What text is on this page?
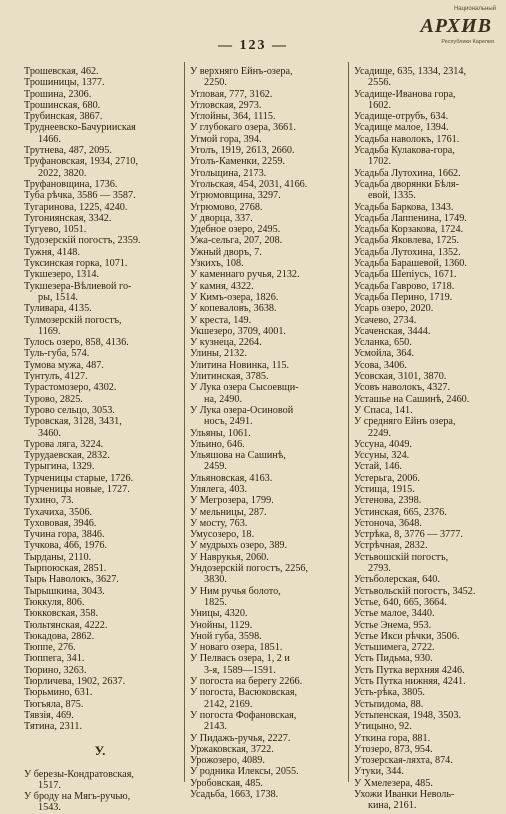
— 123 —
Национальный
АРХИВ
Республики Карелия
Трошевская, 462.
Трошиницы, 1377.
Трошина, 2306.
Трошинская, 680.
Трубинская, 3867.
Труднеевско-Бачурииская
1466.
Трутнева, 487, 2095.
Труфановская, 1934, 2710,
2022, 3820.
Труфановщина, 1736.
Туба рѣчка, 3586 — 3587.
Тугариновa, 1225, 4240.
Тугониянская, 3342.
Тугуево, 1051.
Тудозерскій погостъ, 2359.
Тужня, 4148.
Туксинская горка, 1071.
Тукшезеро, 1314.
Тукшезера-Вѣлиевой го-
ры, 1514.
Туливара, 4135.
Тулмозерскій погостъ,
1169.
Тулось озеро, 858, 4136.
Туль-губа, 574.
Тумова мужа, 487.
Тунтулъ, 4127.
Турастомозеро, 4302.
Турово, 2825.
Турово сельцо, 3053.
Туровская, 3128, 3431,
3460.
Турова ляга, 3224.
Турудаевская, 2832.
Турыгина, 1329.
Турченицы старые, 1726.
Турченицы новые, 1727.
Тухино, 73.
Тухачиха, 3506.
Тухововая, 3946.
Тучина гора, 3846.
Тучкова, 466, 1976.
Тырданы, 2110.
Тырпоюская, 2851.
Тырь Наволокъ, 3627.
Тырышкина, 3043.
Тюккуля, 806.
Тюкковская, 358.
Тюльтянская, 4222.
Тюкадова, 2862.
Тюппе, 276.
Тюппега, 341.
Тюрино, 3263.
Тюрличева, 1902, 2637.
Тюрьмино, 631.
Тюгьяла, 875.
Тявзія, 469.
Тятина, 2311.
У.
У березы-Кондратовская,
1517.
У броду на Мягь-ручью,
1543.
У верхняго Ейнъ-озера,
2250.
Угловая, 777, 3162.
Угловская, 2973.
Углойны, 364, 1115.
У глубокаго озера, 3661.
Угмой гора, 394.
Уголъ, 1919, 2613, 2660.
Уголъ-Каменки, 2259.
Угольщина, 2173.
Угольская, 454, 2031, 4166.
Угрюмовщина, 3297.
Угрюмово, 2768.
У дворца, 337.
Удебное озеро, 2495.
Ужа-сельга, 207, 208.
Ужный дворъ, 7.
Узкихъ, 108.
У каменнаго ручья, 2132.
У камня, 4322.
У Кимъ-озера, 1826.
У копеваловъ, 3638.
У креста, 149.
Укшезеро, 3709, 4001.
У кузнеца, 2264.
Улины, 2132.
Улитина Новинка, 115.
Улитинская, 3785.
У Лука озера Сысоевщи-
на, 2490.
У Лука озера-Осиновой
носъ, 2491.
Ульяны, 1061.
Ульино, 646.
Ульяшова на Сашинѣ,
2459.
Ульяновская, 4163.
Улялега, 403.
У Мегрозера, 1799.
У мельницы, 287.
У мосту, 763.
Умусозеро, 18.
У мудрыхъ озеро, 389.
У Наврукья, 2060.
Ундозерскій погостъ, 2256,
3830.
У Ним ручья болото,
1825.
Уницы, 4320.
Унойны, 1129.
Уной губа, 3598.
У новаго озера, 1851.
У Пелвасъ озера, 1, 2 и
3-я, 1589—1591.
У погоста на берегу 2266.
У погоста, Васюковская,
2142, 2169.
У погоста Фофановская,
2143.
У Пидажъ-ручья, 2227.
Уржаковская, 3722.
Урожозеро, 4089.
У родника Илексы, 2055.
Уробовская, 485.
Усадьба, 1663, 1738.
Усадище, 635, 1334, 2314,
2556.
Усадище-Иванова гора,
1602.
Усадище-отрубъ, 634.
Усадище малое, 1394.
Усадьба наволокъ, 1761.
Усадьба Кулакова-гора,
1702.
Усадьба Лутохина, 1662.
Усадьба дворянки Бѣля-
евой, 1335.
Усадьба Баркова, 1343.
Усадьба Лаппенина, 1749.
Усадьба Корзакова, 1724.
Усадьба Яковлева, 1725.
Усадьба Лутохина, 1352.
Усадьба Барашевой, 1360.
Усадьба Шепіусь, 1671.
Усадьба Гаврово, 1718.
Усадьба Перино, 1719.
Усарь озеро, 2020.
Усачево, 2734.
Усаченская, 3444.
Усланка, 650.
Усмойла, 364.
Усова, 3406.
Усовская, 3101, 3870.
Усовъ наволокъ, 4327.
Усташье на Сашинѣ, 2460.
У Спаса, 141.
У средняго Ейнъ озера,
2249.
Уссуна, 4049.
Уссуны, 324.
Устай, 146.
Устерьга, 2006.
Устища, 1915.
Устенова, 2398.
Устинская, 665, 2376.
Устоноча, 3648.
Устрѣка, 8, 3776 — 3777.
Устрѣчная, 2832.
Устьвошскій погостъ,
2793.
Устьболерская, 640.
Устьвольскій погостъ, 3452.
Устье, 640, 665, 3664.
Устье малое, 3440.
Устье Энема, 953.
Устье Икси рѣчки, 3506.
Устьшимега, 2722.
Усть Пидьма, 930.
Усть Путка верхняя 4246.
Усть Путка нижняя, 4241.
Усть-рѣка, 3805.
Устьпидома, 88.
Устьпенская, 1948, 3503.
Утицыно, 92.
Уткина гора, 881.
Утозеро, 873, 954.
Утозерская-ляхта, 874.
Утуки, 344.
У Хмелезера, 485.
Ухожи Иванки Неволь-
кина, 2161.
